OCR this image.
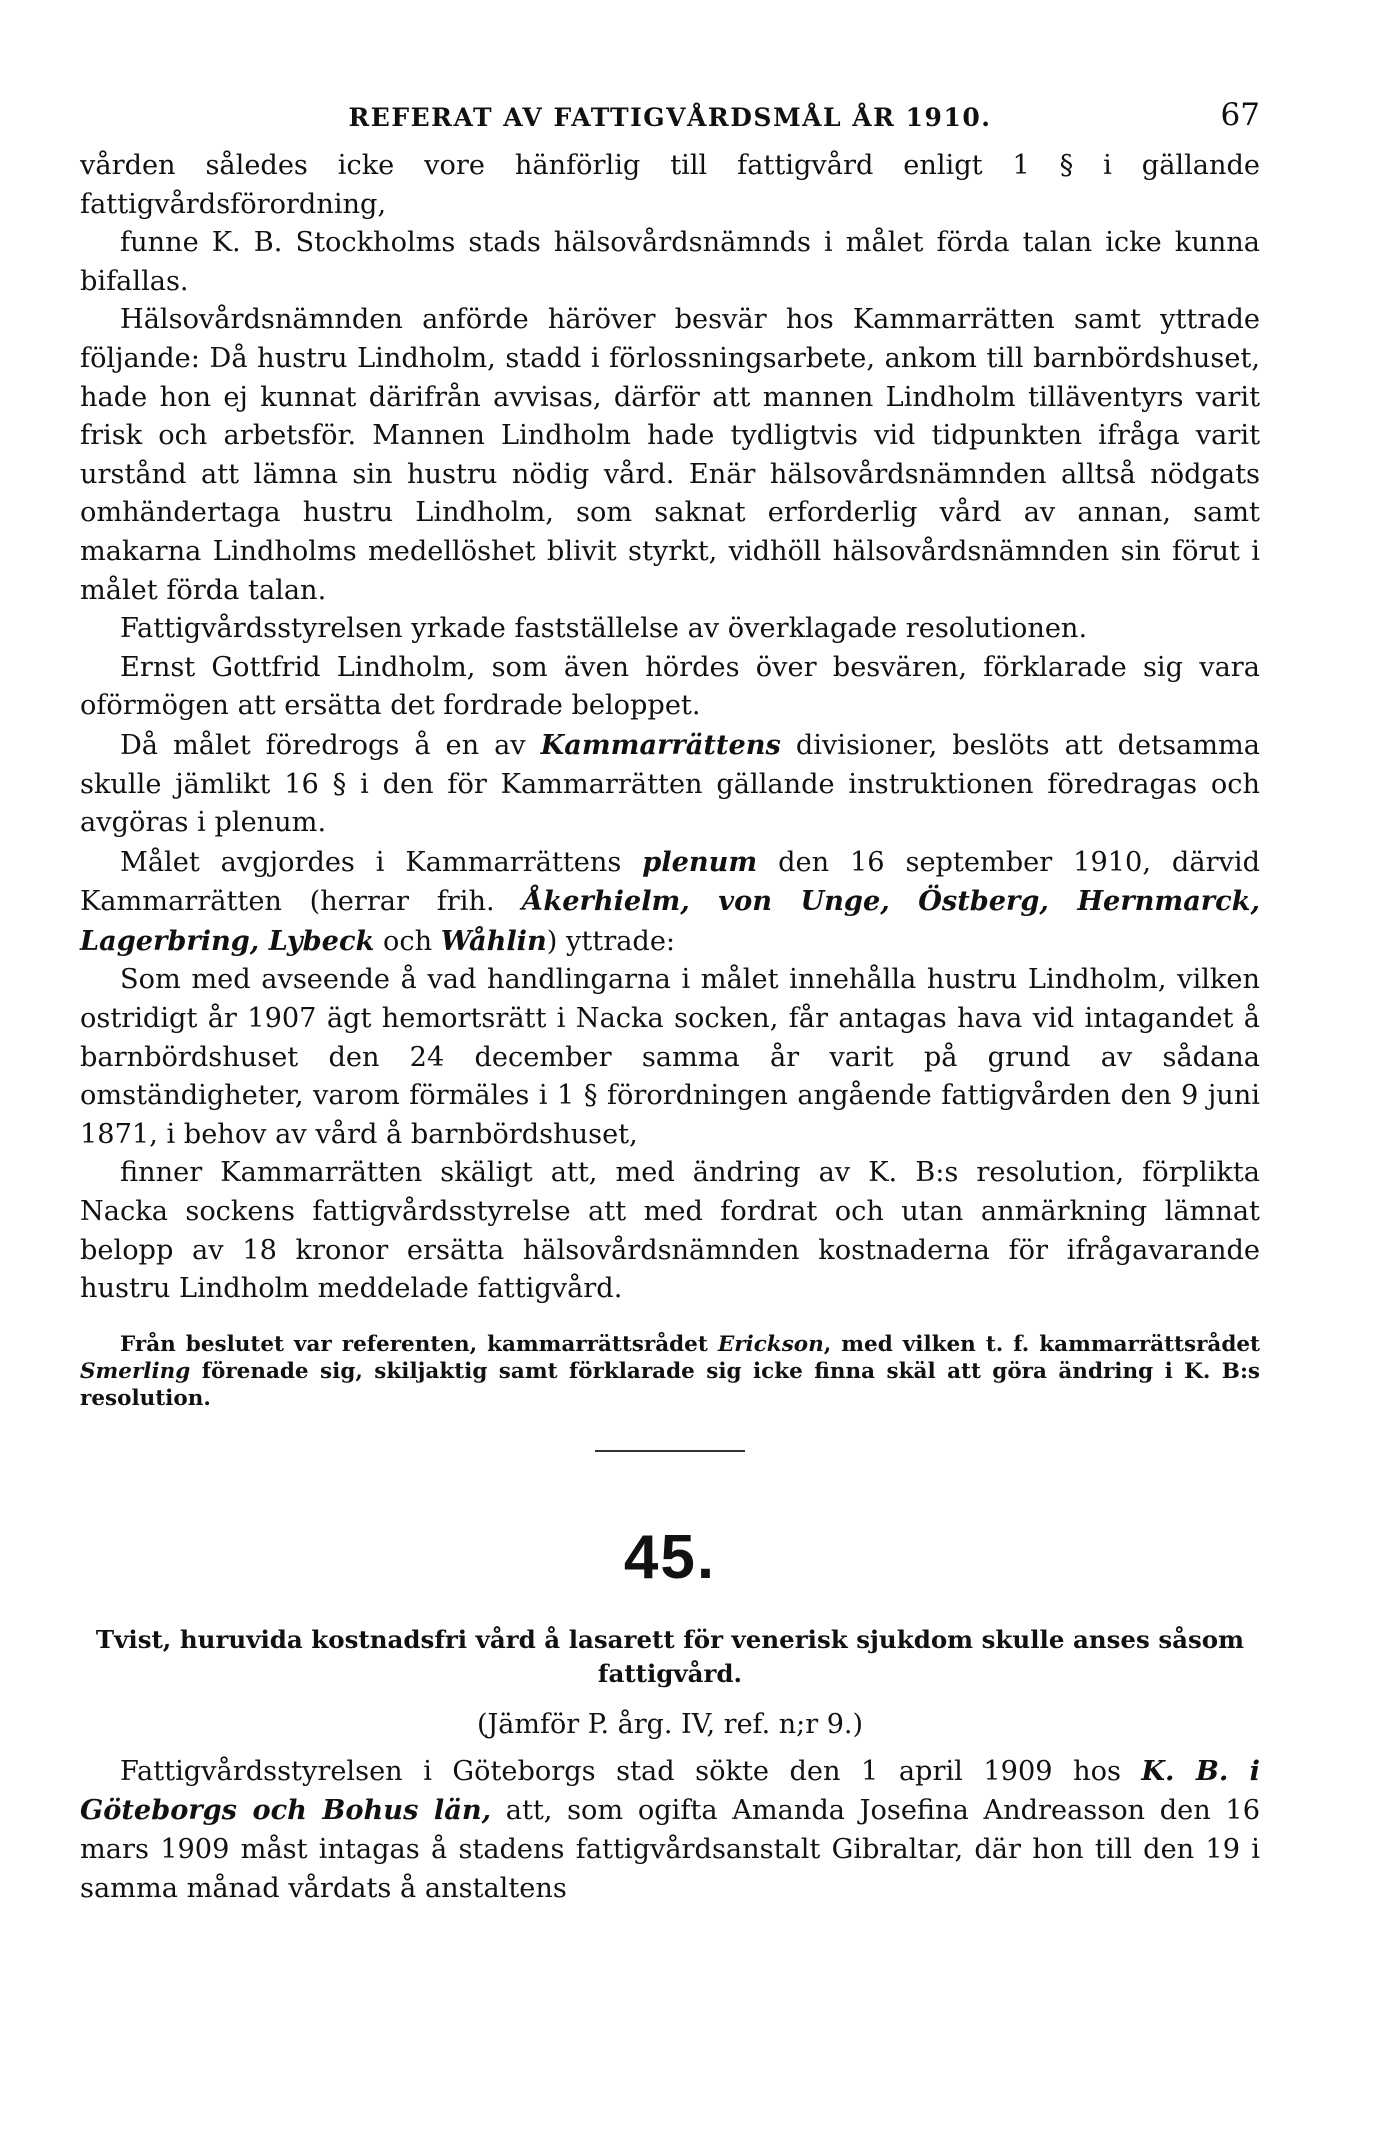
REFERAT AV FATTIGVÅRDSMÅL ÅR 1910.	67

vården således icke vore hänförlig till fattigvård enligt 1 § i gällande fattigvårdsförordning,

funne K. B. Stockholms stads hälsovårdsnämnds i målet förda talan icke kunna bifallas.

Hälsovårdsnämnden anförde häröver besvär hos Kammarrätten samt yttrade följande: Då hustru Lindholm, stadd i förlossningsarbete, ankom till barnbördshuset, hade hon ej kunnat därifrån avvisas, därför att mannen Lindholm tilläventyrs varit frisk och arbetsför. Mannen Lindholm hade tydligtvis vid tidpunkten ifråga varit urstånd att lämna sin hustru nödig vård. Enär hälsovårdsnämnden alltså nödgats omhändertaga hustru Lindholm, som saknat erforderlig vård av annan, samt makarna Lindholms medellöshet blivit styrkt, vidhöll hälsovårdsnämnden sin förut i målet förda talan.

Fattigvårdsstyrelsen yrkade fastställelse av överklagade resolutionen.

Ernst Gottfrid Lindholm, som även hördes över besvären, förklarade sig vara oförmögen att ersätta det fordrade beloppet.

Då målet föredrogs å en av Kammarrättens divisioner, beslöts att detsamma skulle jämlikt 16 § i den för Kammarrätten gällande instruktionen föredragas och avgöras i plenum.

Målet avgjordes i Kammarrättens plenum den 16 september 1910, därvid Kammarrätten (herrar frih. Åkerhielm, von Unge, Östberg, Hernmarck, Lagerbring, Lybeck och Wåhlin) yttrade:

Som med avseende å vad handlingarna i målet innehålla hustru Lindholm, vilken ostridigt år 1907 ägt hemortsrätt i Nacka socken, får antagas hava vid intagandet å barnbördshuset den 24 december samma år varit på grund av sådana omständigheter, varom förmäles i 1 § förordningen angående fattigvården den 9 juni 1871, i behov av vård å barnbördshuset,

finner Kammarrätten skäligt att, med ändring av K. B:s resolution, förplikta Nacka sockens fattigvårdsstyrelse att med fordrat och utan anmärkning lämnat belopp av 18 kronor ersätta hälsovårdsnämnden kostnaderna för ifrågavarande hustru Lindholm meddelade fattigvård.

Från beslutet var referenten, kammarrättsrådet Erickson, med vilken t. f. kammarrättsrådet Smerling förenade sig, skiljaktig samt förklarade sig icke finna skäl att göra ändring i K. B:s resolution.

45.
Tvist, huruvida kostnadsfri vård å lasarett för venerisk sjukdom skulle anses såsom fattigvård.
(Jämför P. årg. IV, ref. n;r 9.)

Fattigvårdsstyrelsen i Göteborgs stad sökte den 1 april 1909 hos K. B. i Göteborgs och Bohus län, att, som ogifta Amanda Josefina Andreasson den 16 mars 1909 måst intagas å stadens fattigvårdsanstalt Gibraltar, där hon till den 19 i samma månad vårdats å anstaltens
